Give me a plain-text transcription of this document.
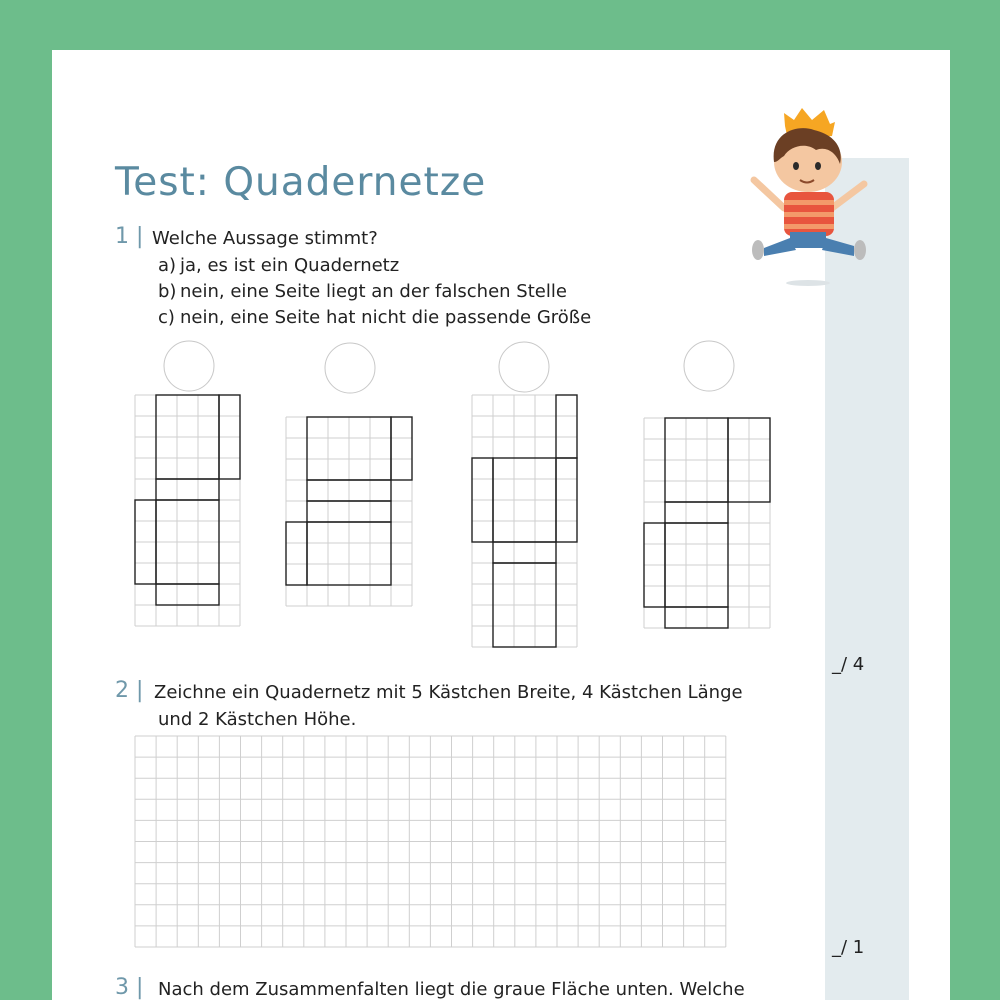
Test: Quadernetze
1 | Welche Aussage stimmt?
a) ja, es ist ein Quadernetz
b) nein, eine Seite liegt an der falschen Stelle
c) nein, eine Seite hat nicht die passende Größe
_/ 4
2 | Zeichne ein Quadernetz mit 5 Kästchen Breite, 4 Kästchen Länge
und 2 Kästchen Höhe.
_/ 1
3 | Nach dem Zusammenfalten liegt die graue Fläche unten. Welche
